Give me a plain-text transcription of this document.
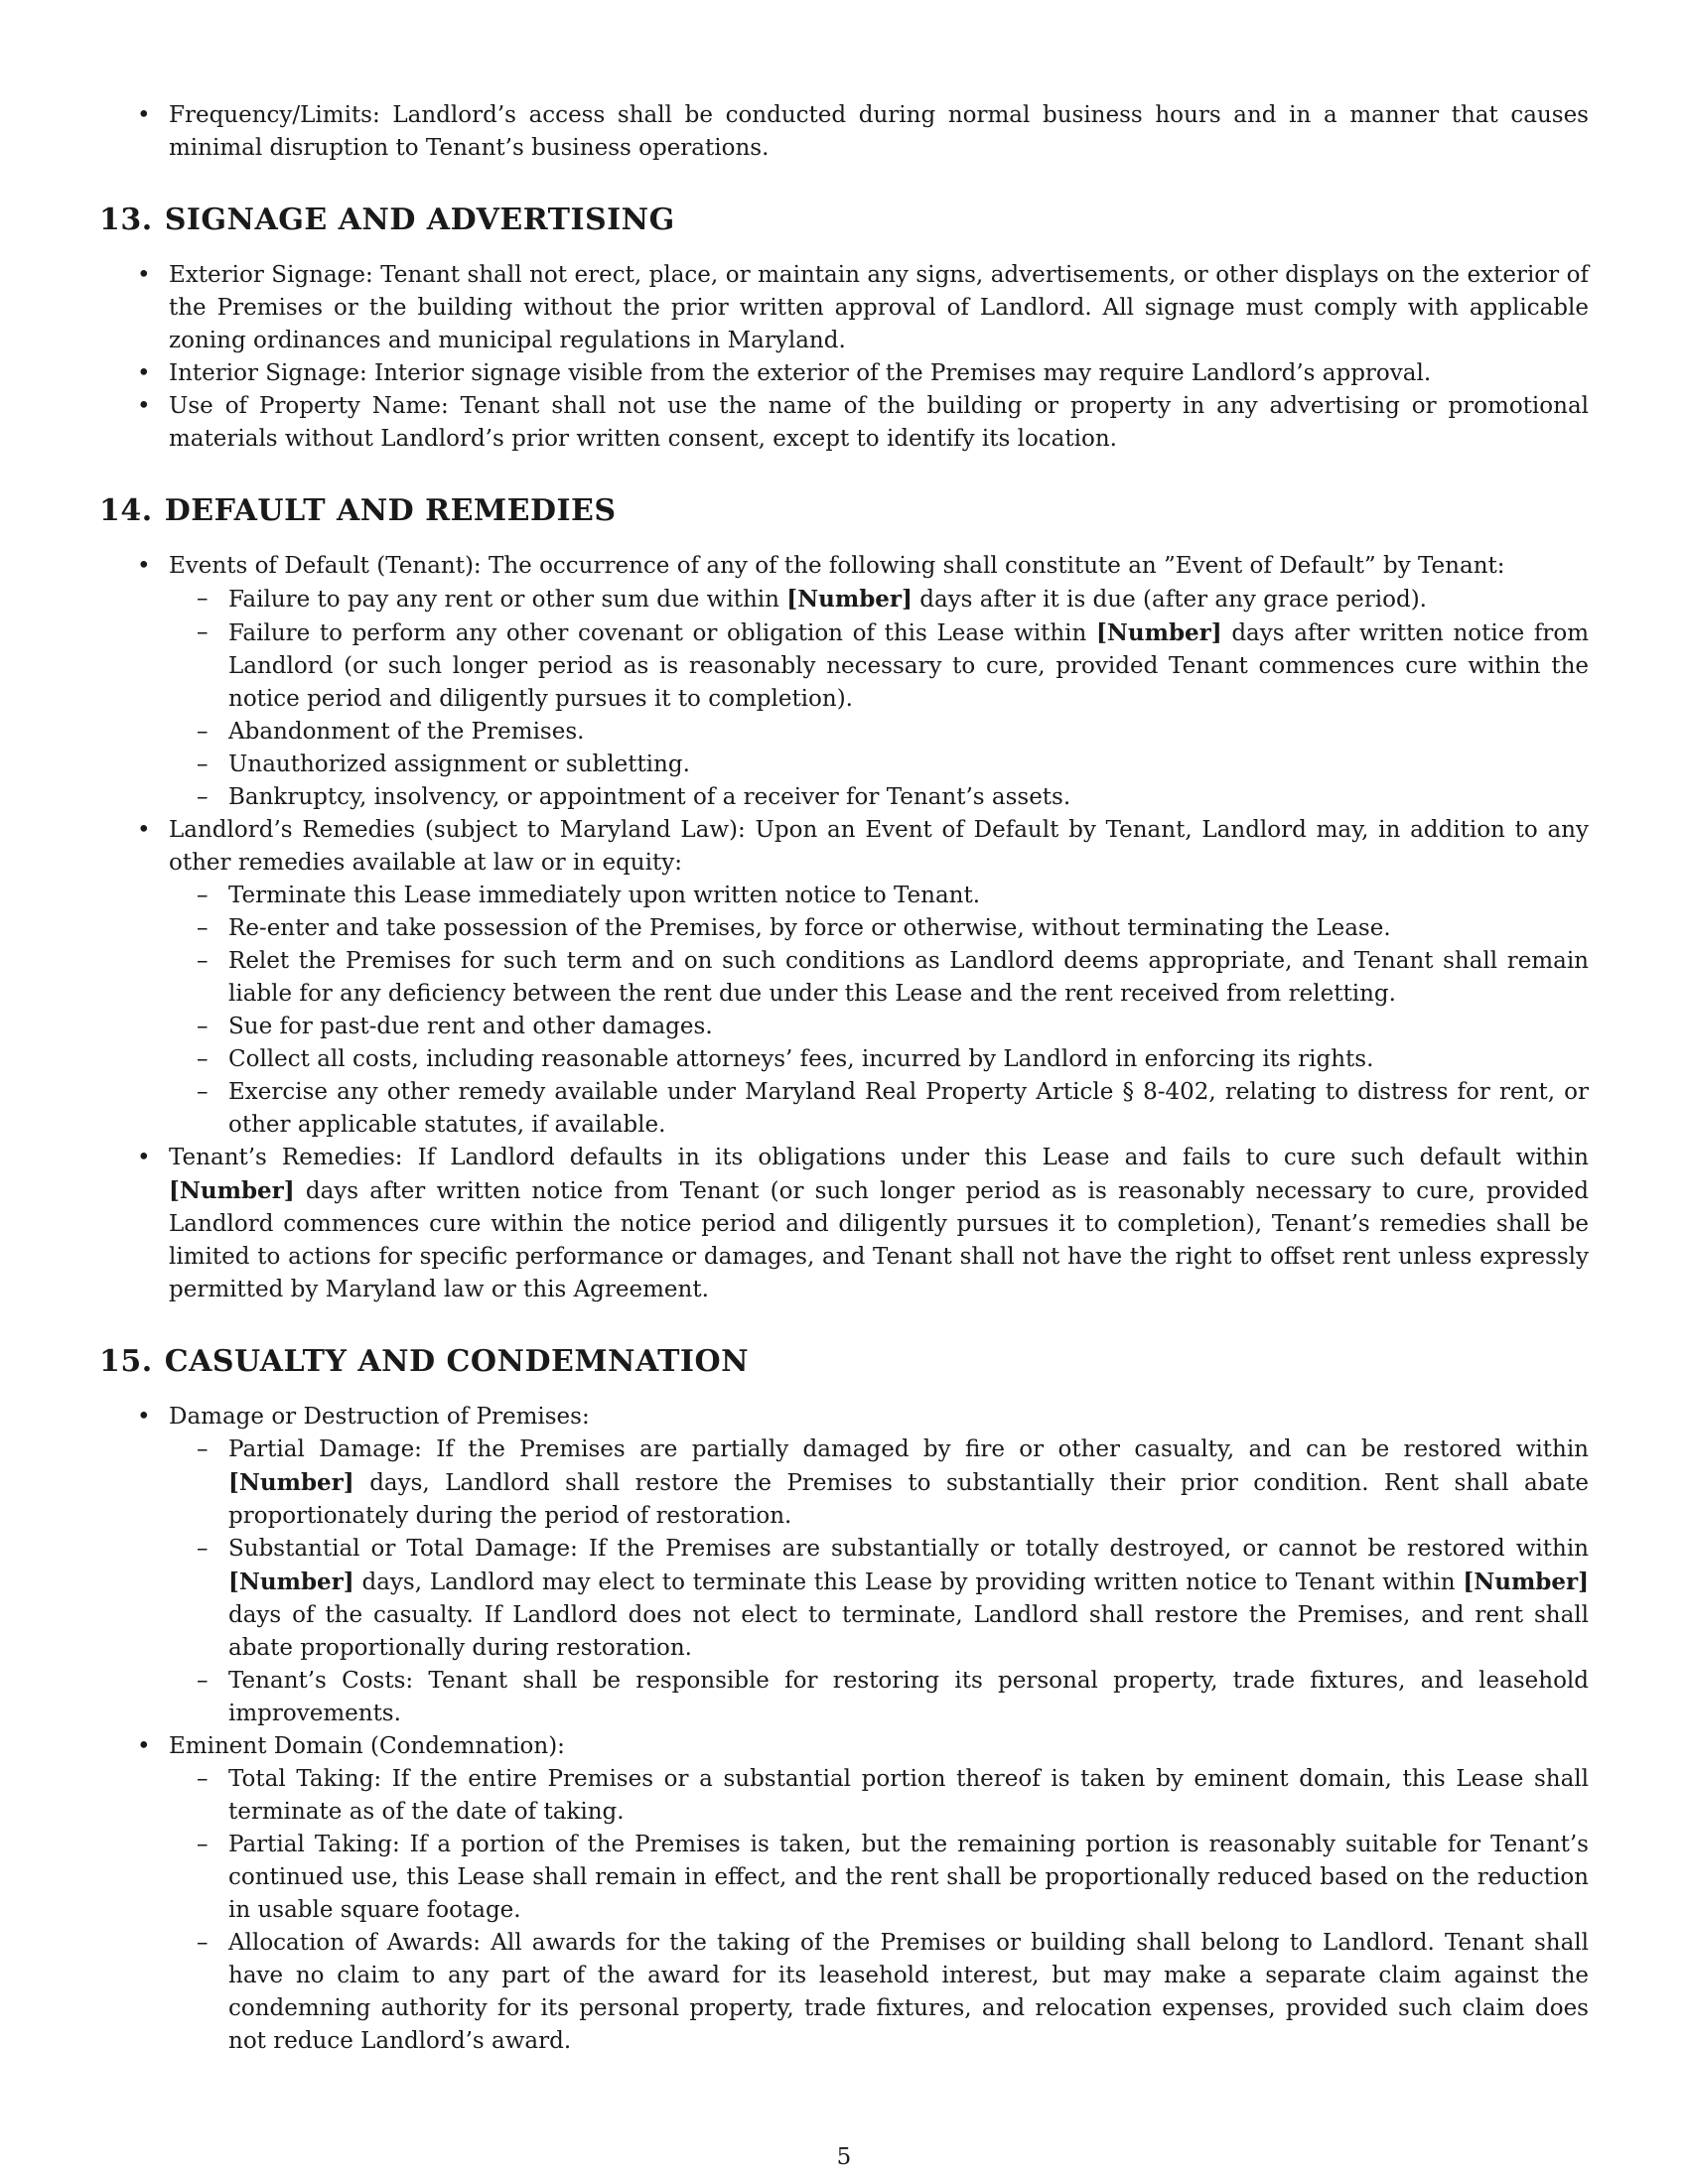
• Frequency/Limits: Landlord’s access shall be conducted during normal business hours and in a manner that causes minimal disruption to Tenant’s business operations.
13. SIGNAGE AND ADVERTISING
• Exterior Signage: Tenant shall not erect, place, or maintain any signs, advertisements, or other displays on the exterior of the Premises or the building without the prior written approval of Landlord. All signage must comply with applicable zoning ordinances and municipal regulations in Maryland.
• Interior Signage: Interior signage visible from the exterior of the Premises may require Landlord’s approval.
• Use of Property Name: Tenant shall not use the name of the building or property in any advertising or promotional materials without Landlord’s prior written consent, except to identify its location.
14. DEFAULT AND REMEDIES
• Events of Default (Tenant): The occurrence of any of the following shall constitute an ”Event of Default” by Tenant:
– Failure to pay any rent or other sum due within [Number] days after it is due (after any grace period).
– Failure to perform any other covenant or obligation of this Lease within [Number] days after written notice from Landlord (or such longer period as is reasonably necessary to cure, provided Tenant commences cure within the notice period and diligently pursues it to completion).
– Abandonment of the Premises.
– Unauthorized assignment or subletting.
– Bankruptcy, insolvency, or appointment of a receiver for Tenant’s assets.
• Landlord’s Remedies (subject to Maryland Law): Upon an Event of Default by Tenant, Landlord may, in addition to any other remedies available at law or in equity:
– Terminate this Lease immediately upon written notice to Tenant.
– Re-enter and take possession of the Premises, by force or otherwise, without terminating the Lease.
– Relet the Premises for such term and on such conditions as Landlord deems appropriate, and Tenant shall remain liable for any deficiency between the rent due under this Lease and the rent received from reletting.
– Sue for past-due rent and other damages.
– Collect all costs, including reasonable attorneys’ fees, incurred by Landlord in enforcing its rights.
– Exercise any other remedy available under Maryland Real Property Article § 8-402, relating to distress for rent, or other applicable statutes, if available.
• Tenant’s Remedies: If Landlord defaults in its obligations under this Lease and fails to cure such default within [Number] days after written notice from Tenant (or such longer period as is reasonably necessary to cure, provided Landlord commences cure within the notice period and diligently pursues it to completion), Tenant’s remedies shall be limited to actions for specific performance or damages, and Tenant shall not have the right to offset rent unless expressly permitted by Maryland law or this Agreement.
15. CASUALTY AND CONDEMNATION
• Damage or Destruction of Premises:
– Partial Damage: If the Premises are partially damaged by fire or other casualty, and can be restored within [Number] days, Landlord shall restore the Premises to substantially their prior condition. Rent shall abate proportionately during the period of restoration.
– Substantial or Total Damage: If the Premises are substantially or totally destroyed, or cannot be restored within [Number] days, Landlord may elect to terminate this Lease by providing written notice to Tenant within [Number] days of the casualty. If Landlord does not elect to terminate, Landlord shall restore the Premises, and rent shall abate proportionally during restoration.
– Tenant’s Costs: Tenant shall be responsible for restoring its personal property, trade fixtures, and leasehold improvements.
• Eminent Domain (Condemnation):
– Total Taking: If the entire Premises or a substantial portion thereof is taken by eminent domain, this Lease shall terminate as of the date of taking.
– Partial Taking: If a portion of the Premises is taken, but the remaining portion is reasonably suitable for Tenant’s continued use, this Lease shall remain in effect, and the rent shall be proportionally reduced based on the reduction in usable square footage.
– Allocation of Awards: All awards for the taking of the Premises or building shall belong to Landlord. Tenant shall have no claim to any part of the award for its leasehold interest, but may make a separate claim against the condemning authority for its personal property, trade fixtures, and relocation expenses, provided such claim does not reduce Landlord’s award.
5
